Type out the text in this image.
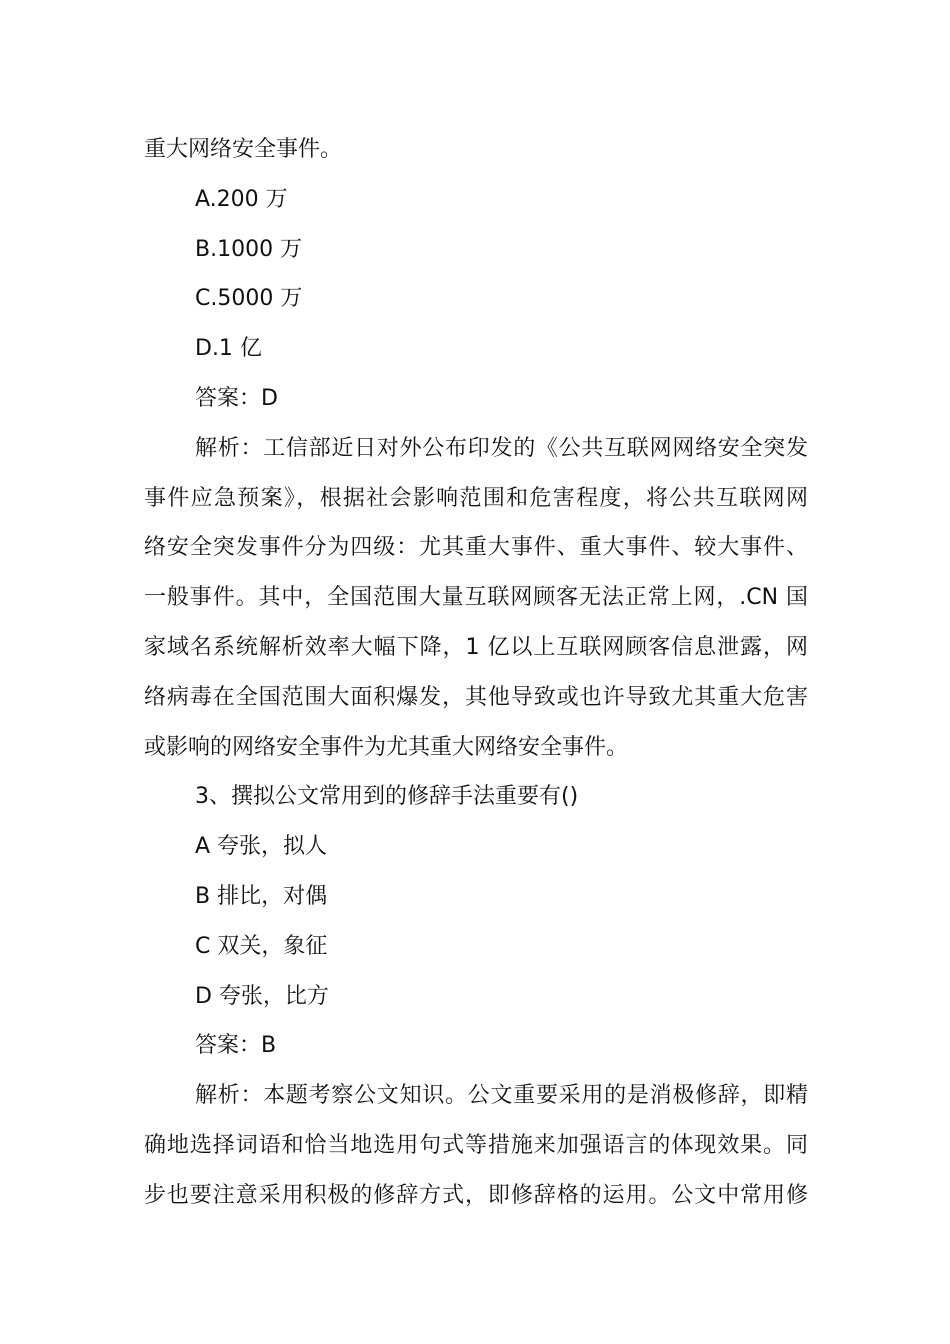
重大网络安全事件。
A.200 万
B.1000 万
C.5000 万
D.1 亿
答案：D
解析：工信部近日对外公布印发的《公共互联网网络安全突发
事件应急预案》，根据社会影响范围和危害程度，将公共互联网网
络安全突发事件分为四级：尤其重大事件、重大事件、较大事件、
一般事件。其中，全国范围大量互联网顾客无法正常上网，.CN 国
家域名系统解析效率大幅下降，1 亿以上互联网顾客信息泄露，网
络病毒在全国范围大面积爆发，其他导致或也许导致尤其重大危害
或影响的网络安全事件为尤其重大网络安全事件。
3、撰拟公文常用到的修辞手法重要有()
A 夸张，拟人
B 排比，对偶
C 双关，象征
D 夸张，比方
答案：B
解析：本题考察公文知识。公文重要采用的是消极修辞，即精
确地选择词语和恰当地选用句式等措施来加强语言的体现效果。同
步也要注意采用积极的修辞方式，即修辞格的运用。公文中常用修
